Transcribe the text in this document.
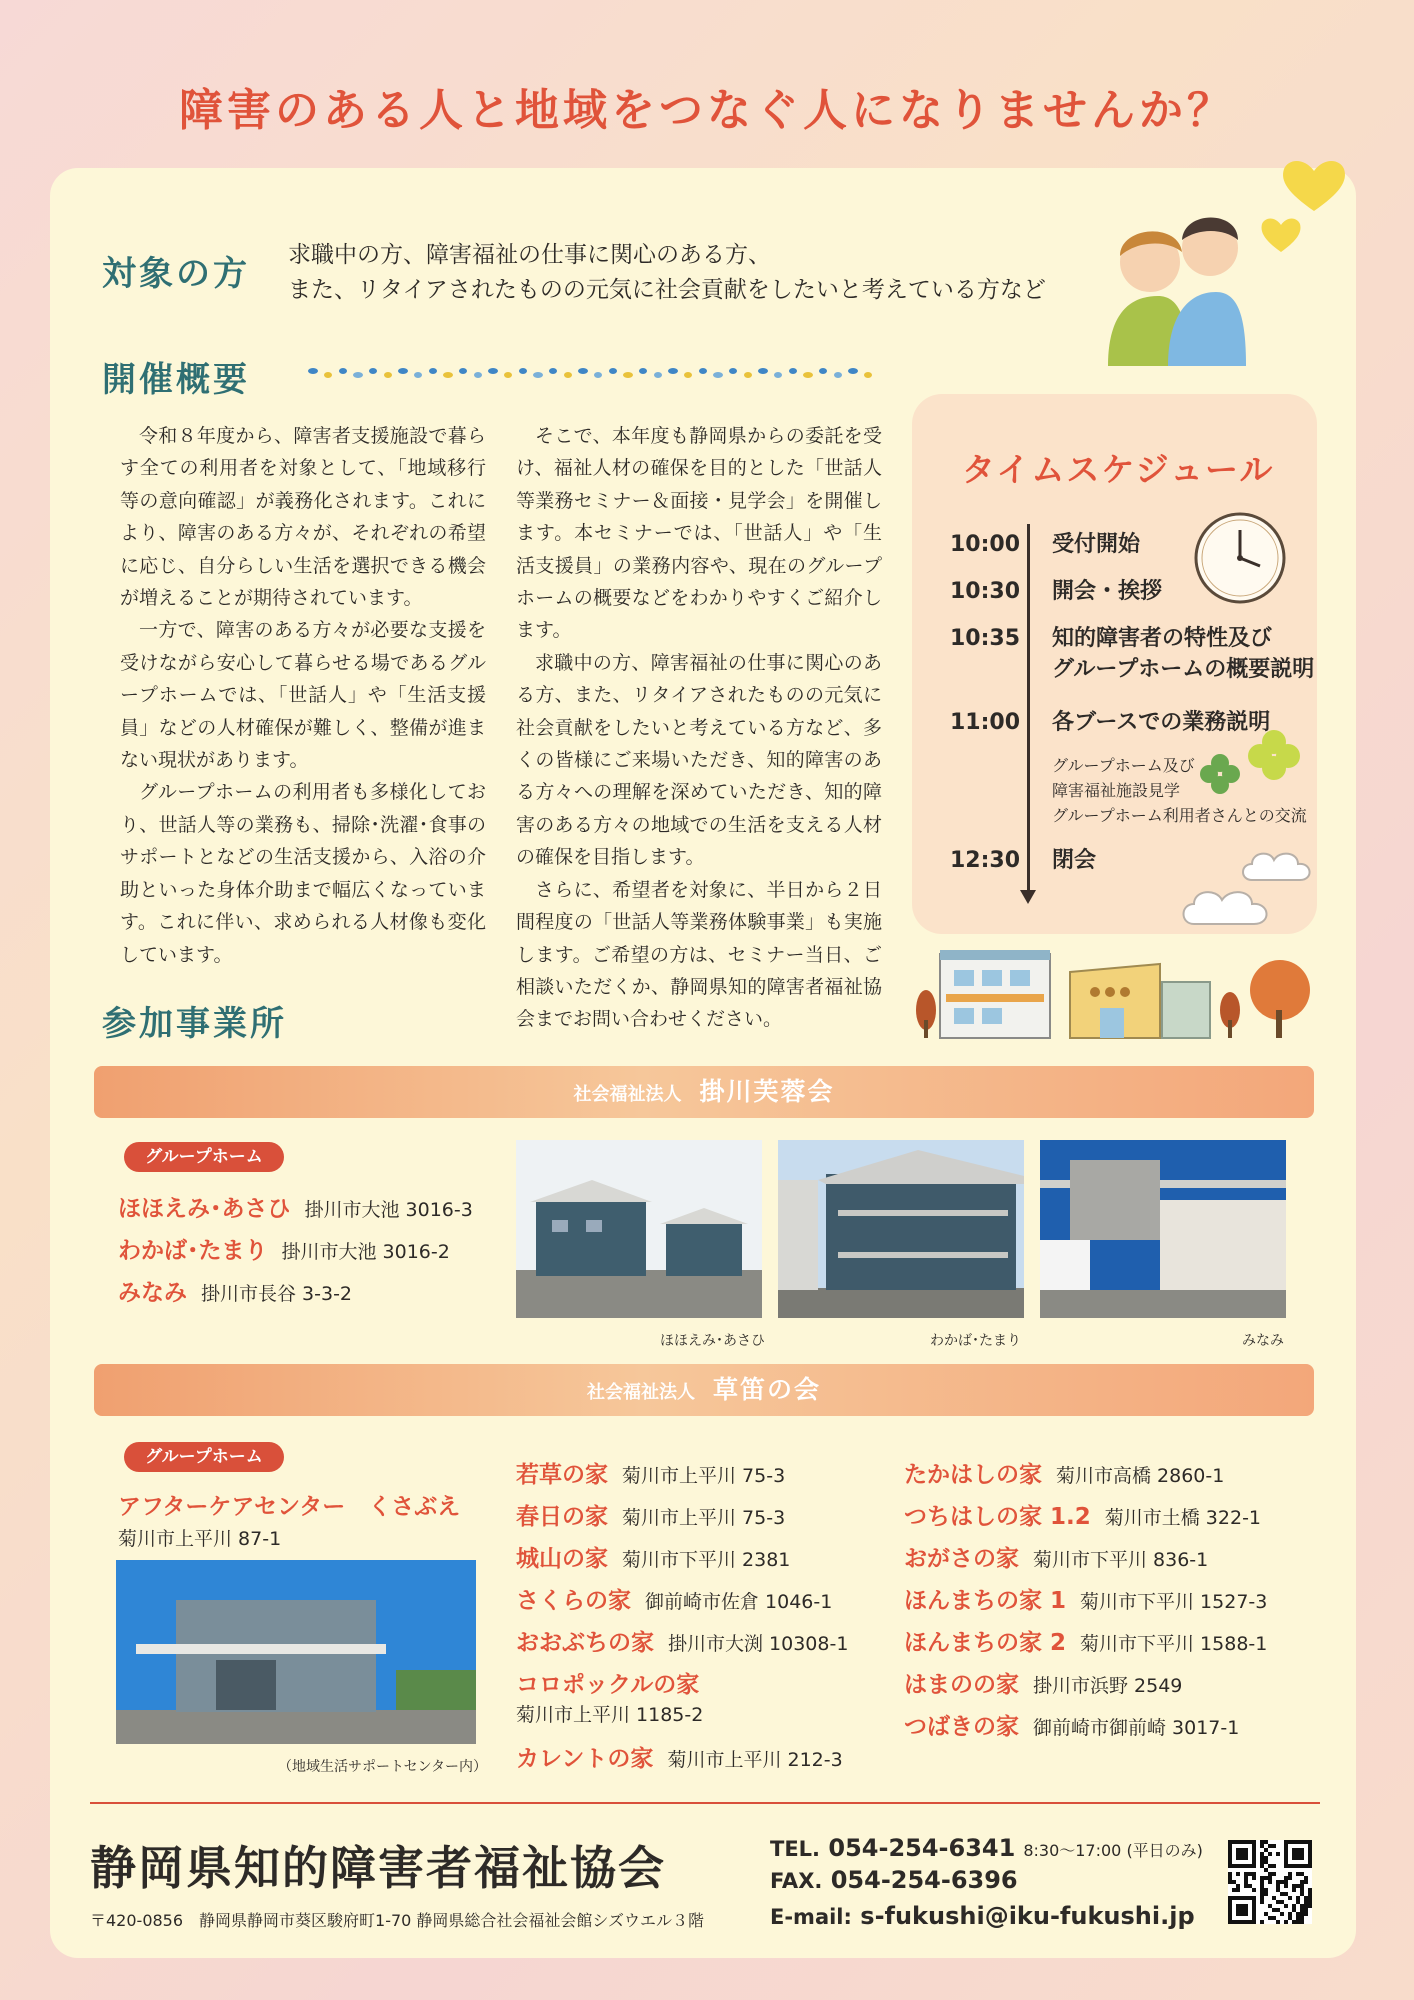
障害のある人と地域をつなぐ人になりませんか？
対象の方 求職中の方、障害福祉の仕事に関心のある方、
また、リタイアされたものの元気に社会貢献をしたいと考えている方など
開催概要

令和８年度から、障害者支援施設で暮らす全ての利用者を対象として、「地域移行等の意向確認」が義務化されます。これにより、障害のある方々が、それぞれの希望に応じ、自分らしい生活を選択できる機会が増えることが期待されています。

一方で、障害のある方々が必要な支援を受けながら安心して暮らせる場であるグループホームでは、「世話人」や「生活支援員」などの人材確保が難しく、整備が進まない現状があります。

グループホームの利用者も多様化しており、世話人等の業務も、掃除･洗濯･食事のサポートとなどの生活支援から、入浴の介助といった身体介助まで幅広くなっています。これに伴い、求められる人材像も変化しています。

そこで、本年度も静岡県からの委託を受け、福祉人材の確保を目的とした「世話人等業務セミナー＆面接・見学会」を開催します。本セミナーでは、「世話人」や「生活支援員」の業務内容や、現在のグループホームの概要などをわかりやすくご紹介します。

求職中の方、障害福祉の仕事に関心のある方、また、リタイアされたものの元気に社会貢献をしたいと考えている方など、多くの皆様にご来場いただき、知的障害のある方々への理解を深めていただき、知的障害のある方々の地域での生活を支える人材の確保を目指します。

さらに、希望者を対象に、半日から２日間程度の「世話人等業務体験事業」も実施します。ご希望の方は、セミナー当日、ご相談いただくか、静岡県知的障害者福祉協会までお問い合わせください。

タイムスケジュール
10:00 受付開始
10:30 開会・挨拶
10:35 知的障害者の特性及び
グループホームの概要説明
11:00 各ブースでの業務説明
グループホーム及び
障害福祉施設見学
グループホーム利用者さんとの交流
12:30 閉会
参加事業所
社会福祉法人 掛川芙蓉会
グループホーム
ほほえみ･あさひ 掛川市大池 3016-3
わかば･たまり 掛川市大池 3016-2
みなみ 掛川市長谷 3-3-2
ほほえみ･あさひ	わかば･たまり	みなみ
社会福祉法人 草笛の会
グループホーム
アフターケアセンター　くさぶえ
菊川市上平川 87-1
（地域生活サポートセンター内）
若草の家 菊川市上平川 75-3
春日の家 菊川市上平川 75-3
城山の家 菊川市下平川 2381
さくらの家 御前崎市佐倉 1046-1
おおぶちの家 掛川市大渕 10308-1
コロポックルの家
菊川市上平川 1185-2
カレントの家 菊川市上平川 212-3
たかはしの家 菊川市高橋 2860-1
つちはしの家 1.2 菊川市土橋 322-1
おがさの家 菊川市下平川 836-1
ほんまちの家 1 菊川市下平川 1527-3
ほんまちの家 2 菊川市下平川 1588-1
はまのの家 掛川市浜野 2549
つばきの家 御前崎市御前崎 3017-1
静岡県知的障害者福祉協会
〒420-0856　静岡県静岡市葵区駿府町1-70 静岡県総合社会福祉会館シズウエル３階
TEL. 054-254-6341 8:30～17:00 (平日のみ)
FAX. 054-254-6396
E-mail: s-fukushi@iku-fukushi.jp
